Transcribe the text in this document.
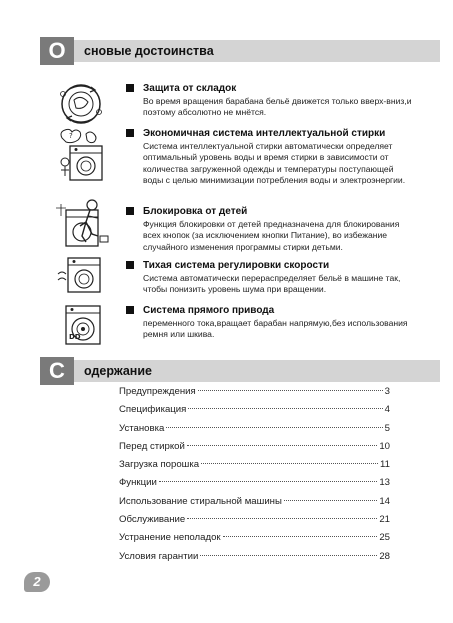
О	сновые достоинства
?
DD
Защита от складок
Во время вращения барабана бельё движется только вверх-вниз,и поэтому абсолютно не мнётся.
Экономичная система интеллектуальной стирки
Система интеллектуальной стирки автоматически определяет оптимальный уровень воды и время стирки в зависимости от количества загруженной одежды и температуры поступающей воды с целью минимизации потребления воды и электроэнергии.
Блокировка от детей
Функция блокировки от детей предназначена для блокирования всех кнопок (за исключением кнопки Питание), во избежание случайного изменения программы стирки детьми.
Тихая система регулировки скорости
Система автоматически перераспределяет бельё в машине так, чтобы понизить уровень шума при вращении.
Система прямого привода
переменного тока,вращает барабан напрямую,без использования ремня или шкива.
С	одержание
Предупреждения	3
Спецификация	4
Установка	5
Перед стиркой	10
Загрузка порошка	11
Функции	13
Использование стиральной машины	14
Обслуживание	21
Устранение неполадок	25
Условия гарантии	28
2
